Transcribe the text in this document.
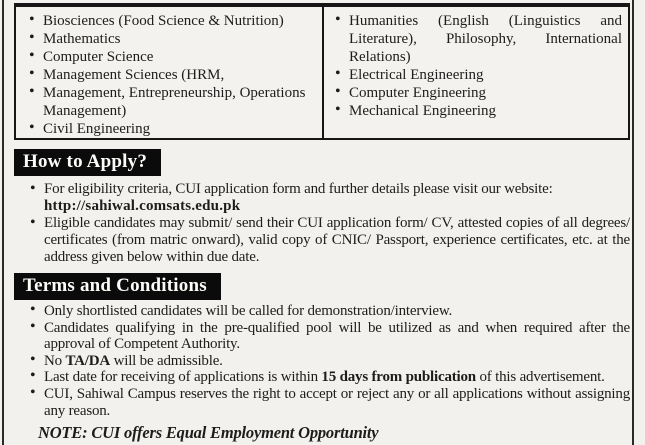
• Biosciences (Food Science & Nutrition)
• Mathematics
• Computer Science
• Management Sciences (HRM,
• Management, Entrepreneurship, Operations Management)
• Civil Engineering
• Humanities (English (Linguistics and Literature), Philosophy, International Relations)
• Electrical Engineering
• Computer Engineering
• Mechanical Engineering
How to Apply?
• For eligibility criteria, CUI application form and further details please visit our website:
http://sahiwal.comsats.edu.pk
• Eligible candidates may submit/ send their CUI application form/ CV, attested copies of all degrees/ certificates (from matric onward), valid copy of CNIC/ Passport, experience certificates, etc. at the address given below within due date.
Terms and Conditions
• Only shortlisted candidates will be called for demonstration/interview.
• Candidates qualifying in the pre-qualified pool will be utilized as and when required after the approval of Competent Authority.
• No TA/DA will be admissible.
• Last date for receiving of applications is within 15 days from publication of this advertisement.
• CUI, Sahiwal Campus reserves the right to accept or reject any or all applications without assigning any reason.
NOTE: CUI offers Equal Employment Opportunity
